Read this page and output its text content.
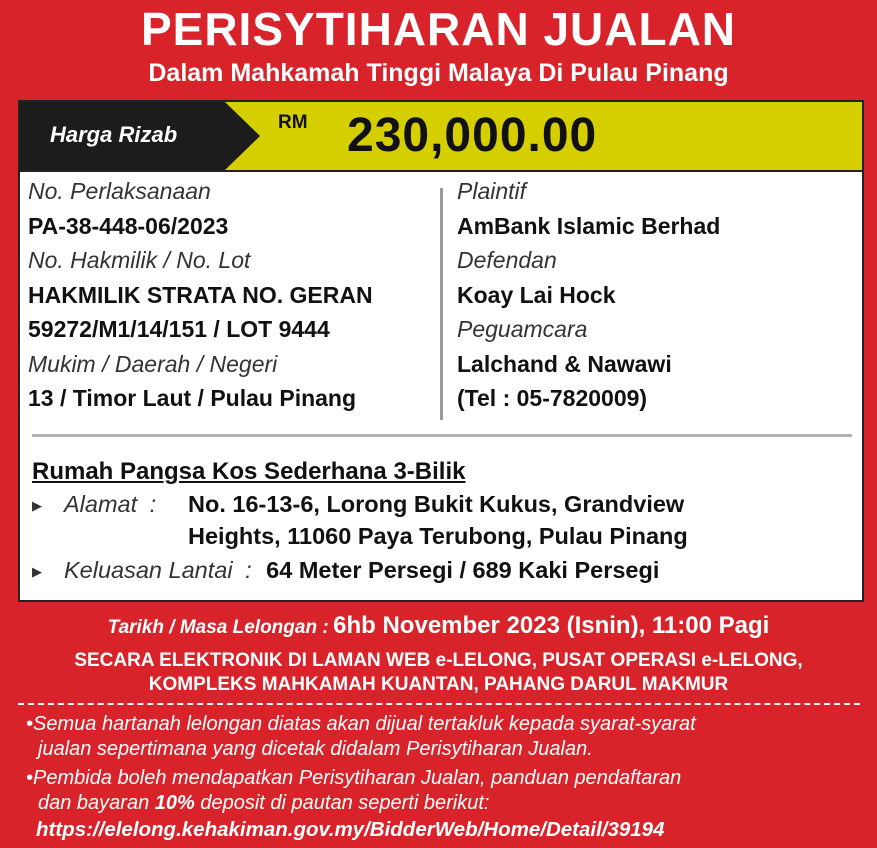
PERISYTIHARAN JUALAN
Dalam Mahkamah Tinggi Malaya Di Pulau Pinang
Harga Rizab	RM 230,000.00
No. Perlaksanaan
PA-38-448-06/2023
No. Hakmilik / No. Lot
HAKMILIK STRATA NO. GERAN
59272/M1/14/151 / LOT 9444
Mukim / Daerah / Negeri
13 / Timor Laut / Pulau Pinang
Plaintif
AmBank Islamic Berhad
Defendan
Koay Lai Hock
Peguamcara
Lalchand & Nawawi
(Tel : 05-7820009)
Rumah Pangsa Kos Sederhana 3-Bilik
▶ Alamat : No. 16-13-6, Lorong Bukit Kukus, Grandview
Heights, 11060 Paya Terubong, Pulau Pinang
▶ Keluasan Lantai : 64 Meter Persegi / 689 Kaki Persegi
Tarikh / Masa Lelongan : 6hb November 2023 (Isnin), 11:00 Pagi
SECARA ELEKTRONIK DI LAMAN WEB e-LELONG, PUSAT OPERASI e-LELONG,
KOMPLEKS MAHKAMAH KUANTAN, PAHANG DARUL MAKMUR
•Semua hartanah lelongan diatas akan dijual tertakluk kepada syarat-syarat
jualan sepertimana yang dicetak didalam Perisytiharan Jualan.
•Pembida boleh mendapatkan Perisytiharan Jualan, panduan pendaftaran
dan bayaran 10% deposit di pautan seperti berikut:
https://elelong.kehakiman.gov.my/BidderWeb/Home/Detail/39194
